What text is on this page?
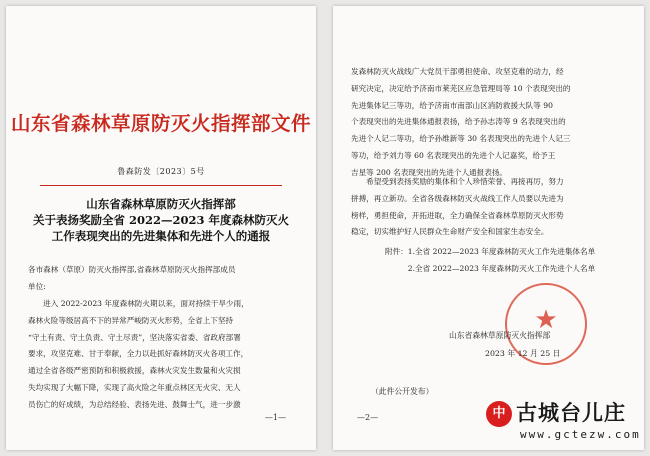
山东省森林草原防灭火指挥部文件
鲁森防发〔2023〕5号
山东省森林草原防灭火指挥部
关于表扬奖励全省 2022—2023 年度森林防灭火
工作表现突出的先进集体和先进个人的通报
各市森林（草原）防灭火指挥部,省森林草原防灭火指挥部成员
单位:
　　进入 2022-2023 年度森林防火期以来，面对持续干旱少雨，
森林火险等级居高不下的异常严峻防灭火形势，全省上下坚持
“守土有责、守土负责、守土尽责”，坚决落实省委、省政府部署
要求，攻坚克难、甘于奉献，全力以赴抓好森林防灭火各项工作，
通过全省各级严密预防和积极救援，森林火灾发生数量和火灾损
失均实现了大幅下降，实现了高火险之年重点林区无火灾、无人
员伤亡的好成绩，为总结经验、表扬先进、鼓舞士气，进一步激
—1—
发森林防灭火战线广大党员干部勇担使命、攻坚克难的动力，经
研究决定，决定给予济南市莱芜区应急管理局等 10 个表现突出的
先进集体记三等功，给予济南市南部山区消防救援大队等 90
个表现突出的先进集体通报表扬，给予孙志涛等 9 名表现突出的
先进个人记二等功，给予孙维新等 30 名表现突出的先进个人记三
等功，给予刘力等 60 名表现突出的先进个人记嘉奖，给予王
吉星等 200 名表现突出的先进个人通报表扬。
　　希望受到表扬奖励的集体和个人珍惜荣誉、再接再厉，努力
拼搏，再立新功。全省各级森林防灭火战线工作人员要以先进为
榜样，勇担使命，开拓进取，全力确保全省森林草原防灭火形势
稳定，切实维护好人民群众生命财产安全和国家生态安全。
附件：1.全省 2022—2023 年度森林防灭火工作先进集体名单
　　　2.全省 2022—2023 年度森林防灭火工作先进个人名单
★
山东省森林草原防灭火指挥部
2023 年 12 月 25 日
（此件公开发布）
—2—	中 古城台儿庄
www.gctezw.com
